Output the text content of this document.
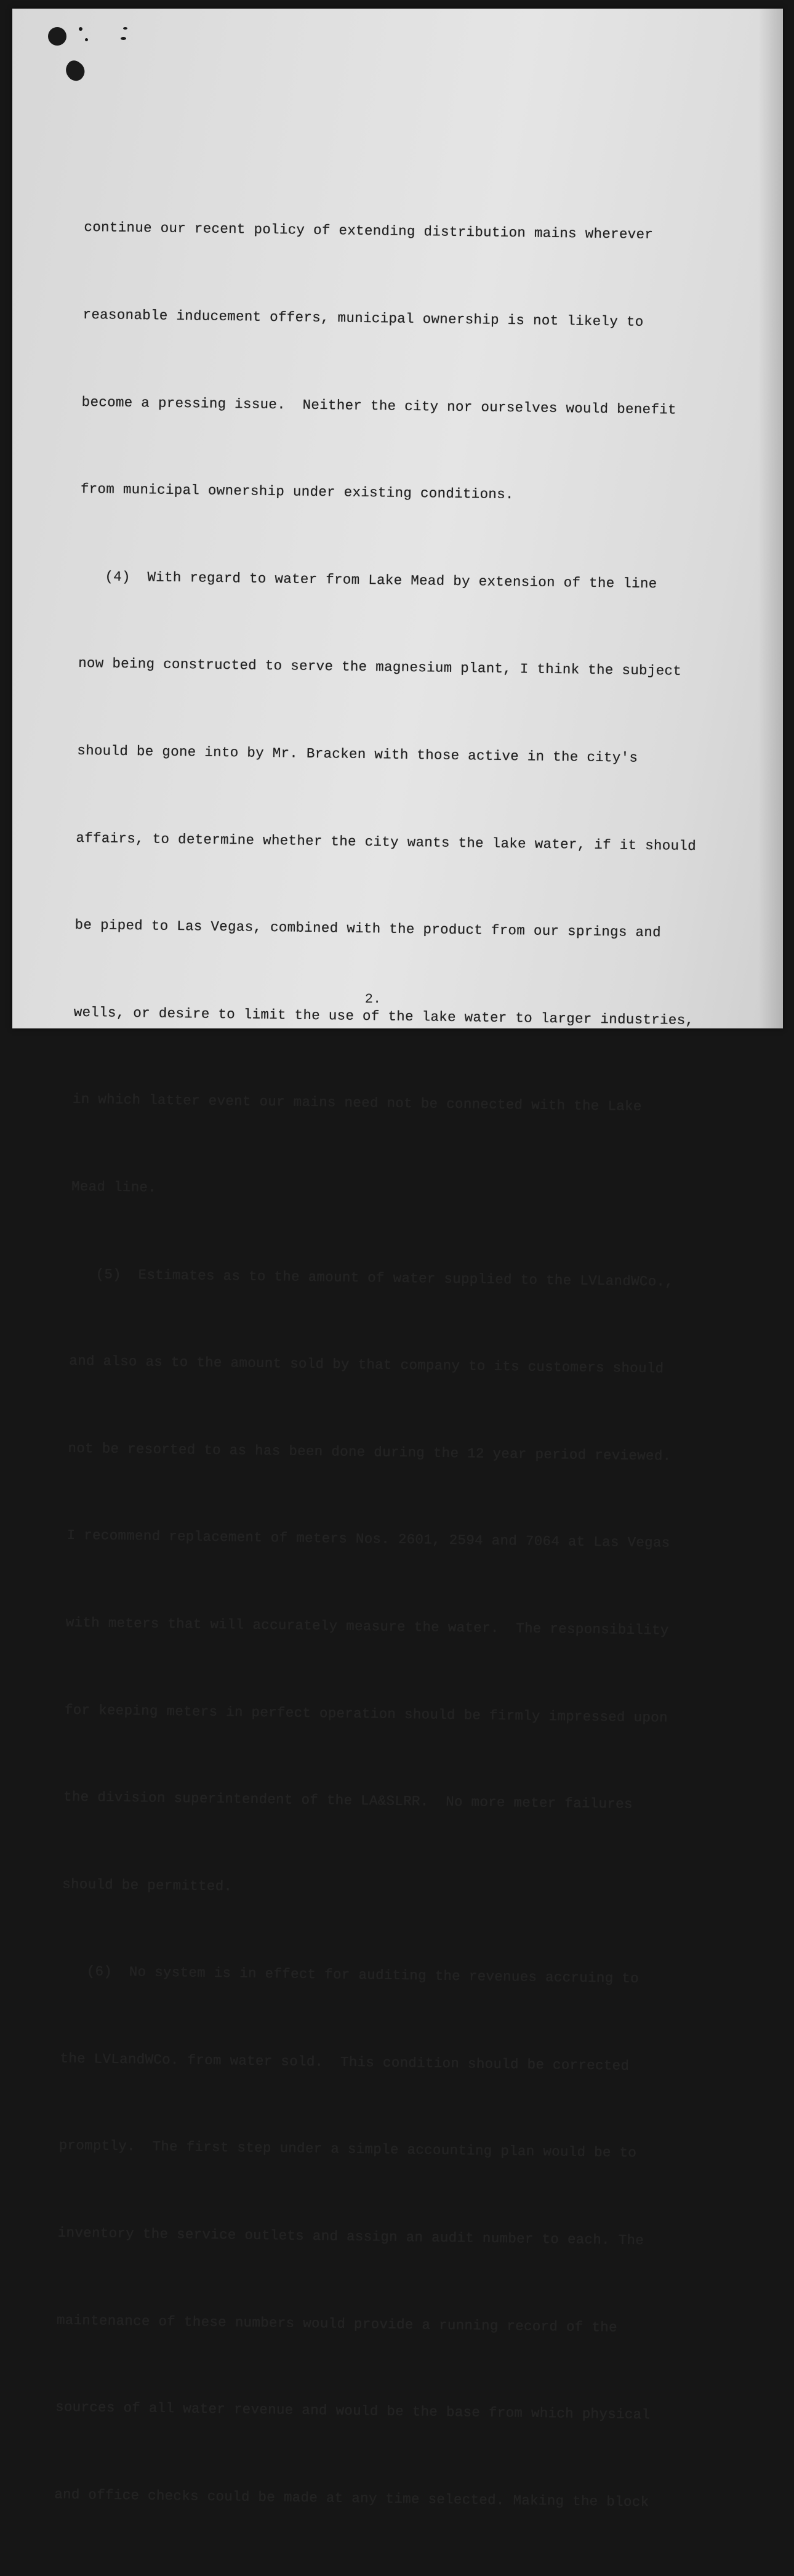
continue our recent policy of extending distribution mains wherever

reasonable inducement offers, municipal ownership is not likely to

become a pressing issue.  Neither the city nor ourselves would benefit

from municipal ownership under existing conditions.

(4)  With regard to water from Lake Mead by extension of the line

now being constructed to serve the magnesium plant, I think the subject

should be gone into by Mr. Bracken with those active in the city's

affairs, to determine whether the city wants the lake water, if it should

be piped to Las Vegas, combined with the product from our springs and

wells, or desire to limit the use of the lake water to larger industries,

in which latter event our mains need not be connected with the Lake

Mead line.

(5)  Estimates as to the amount of water supplied to the LVLandWCo.,

and also as to the amount sold by that company to its customers should

not be resorted to as has been done during the 12 year period reviewed.

I recommend replacement of meters Nos. 2601, 2594 and 7064 at Las Vegas

with meters that will accurately measure the water.  The responsibility

for keeping meters in perfect operation should be firmly impressed upon

the division superintendent of the LA&SLRR.  No more meter failures

should be permitted.

(6)  No system is in effect for auditing the revenues accruing to

the LVLandWCo. from water sold.  This condition should be corrected

promptly.  The first step under a simple accounting plan would be to

inventory the service outlets and assign an audit number to each. The

maintenance of these numbers would provide a running record of the

sources of all water revenue and would be the base from which physical

and office checks could be made at any time selected. Making the block

2.
